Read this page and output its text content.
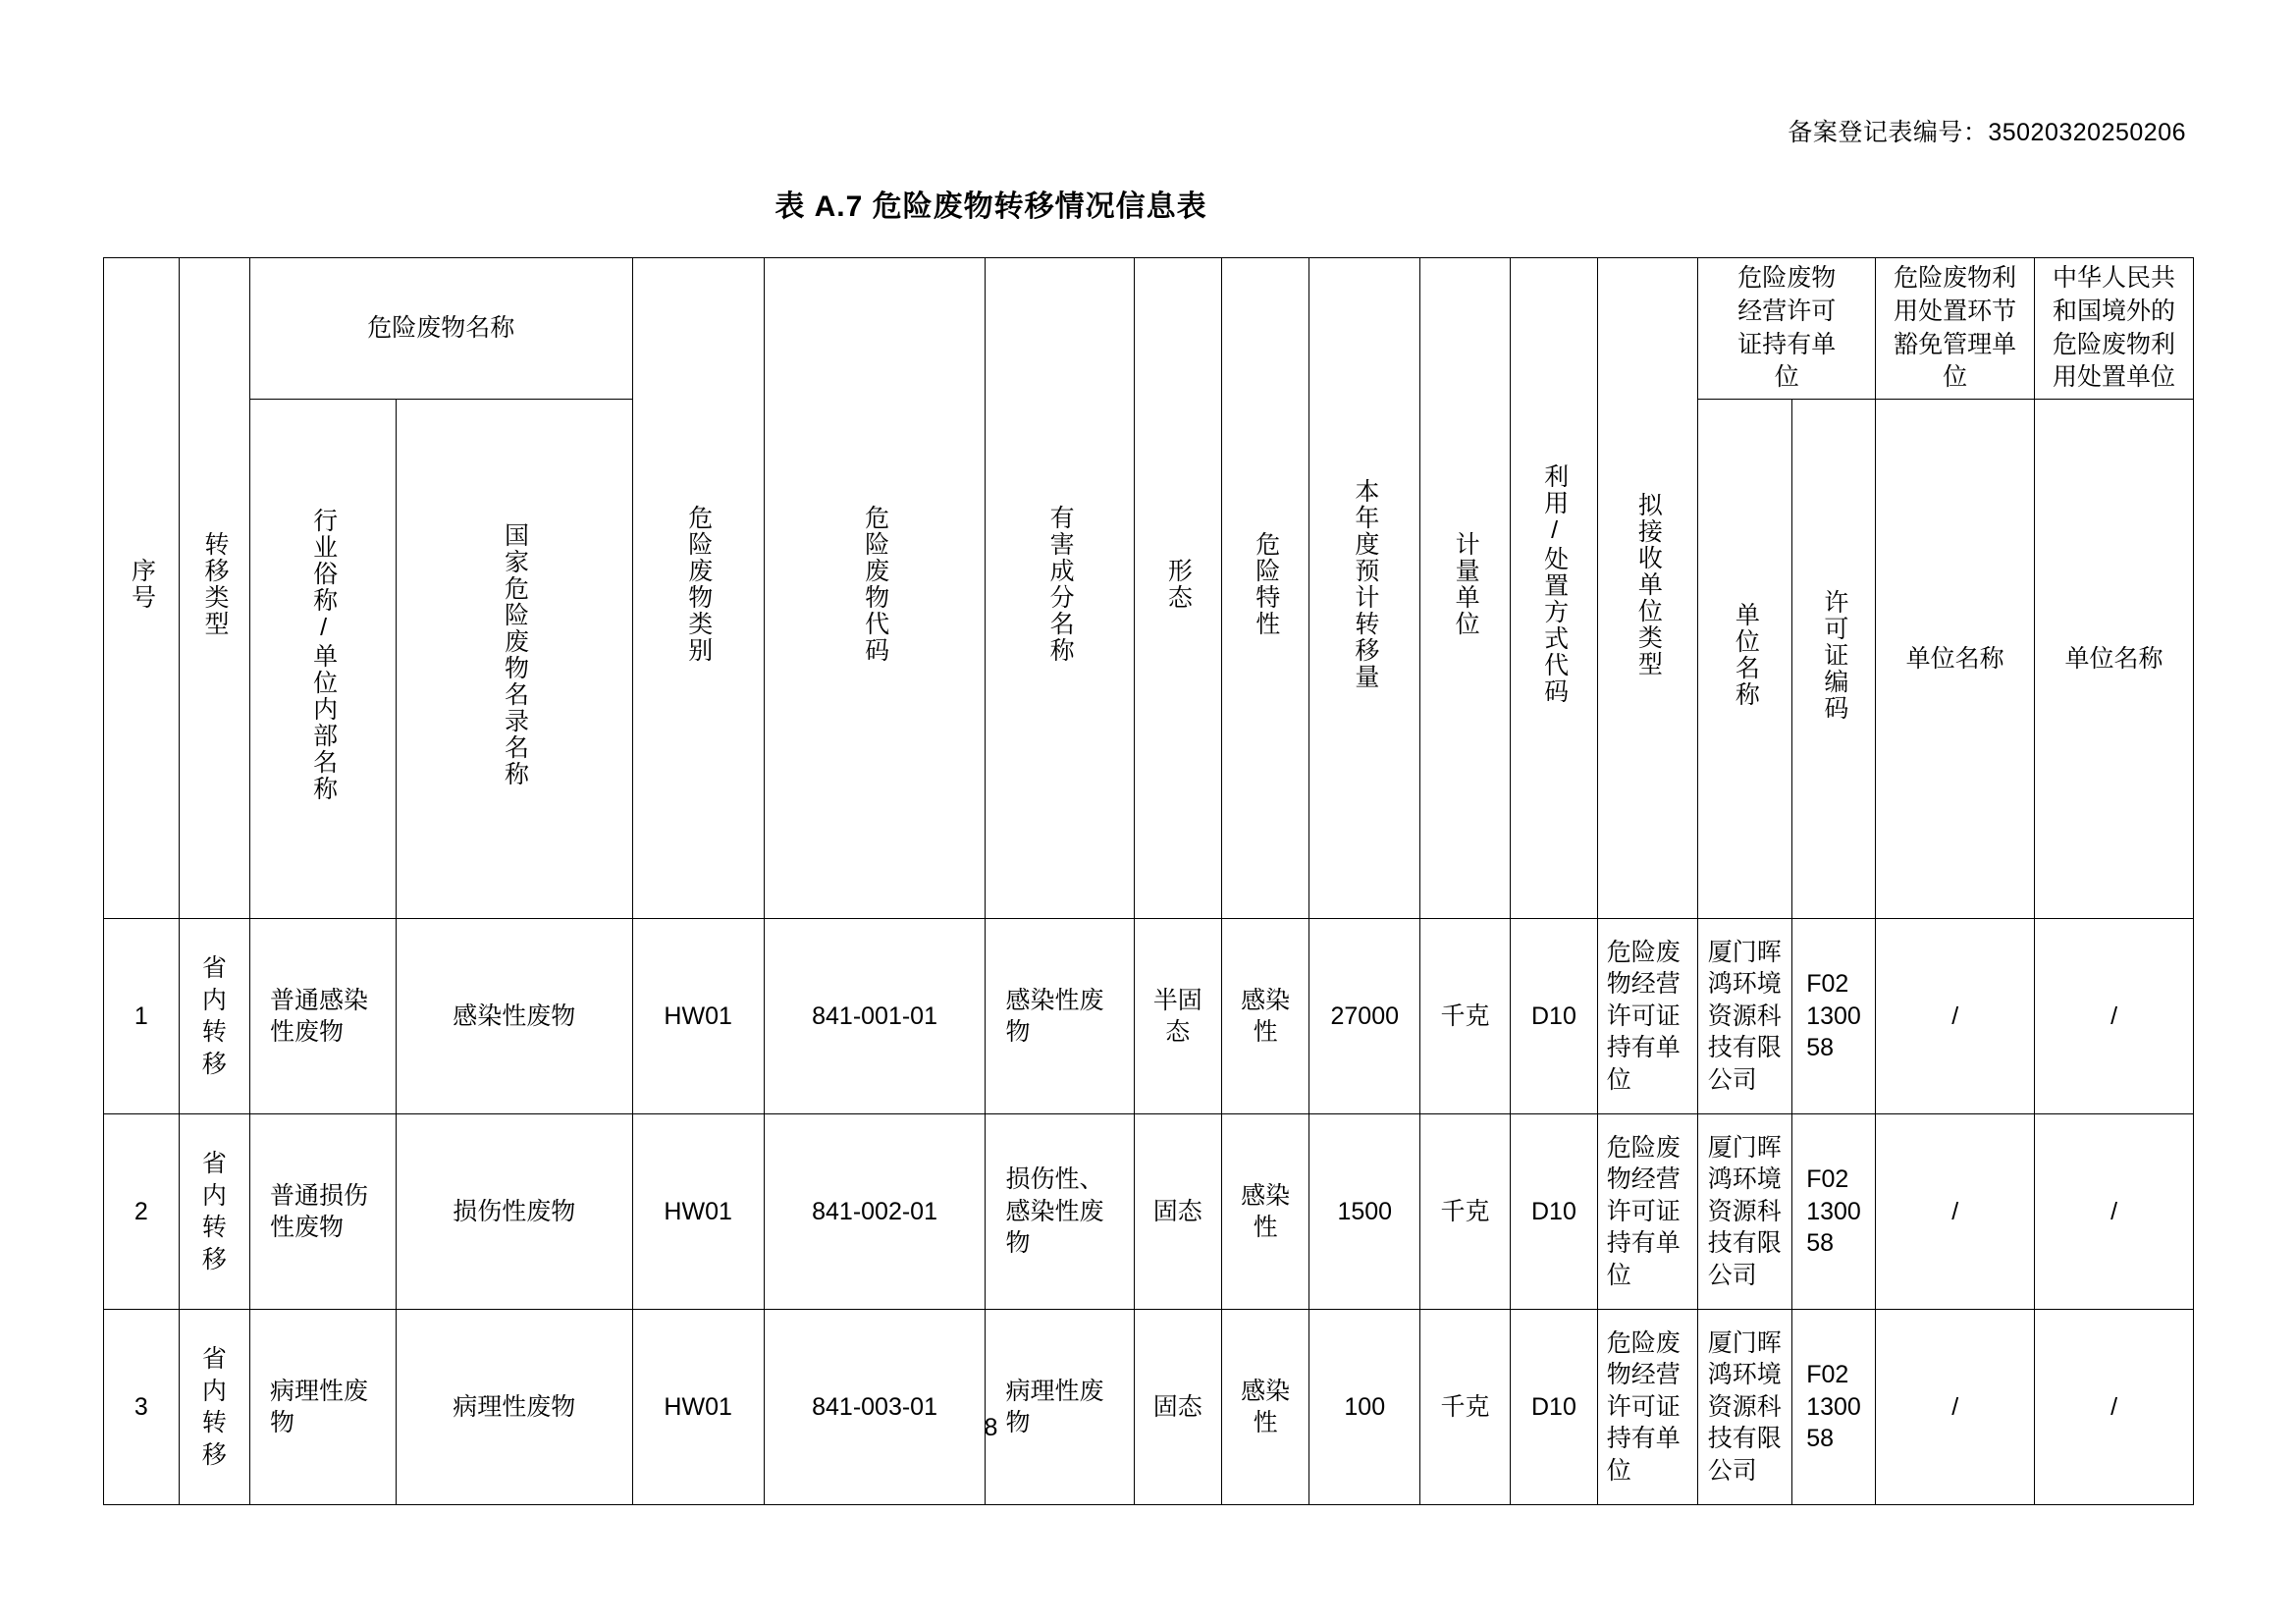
备案登记表编号：35020320250206
表 A.7 危险废物转移情况信息表
序号	转移类型	危险废物名称		危险废物类别	危险废物代码	有害成分名称	形态	危险特性	本年度预计转移量	计量单位	利用/处置方式代码	拟接收单位类型	危险废物经营许可证持有单位		危险废物利用处置环节豁免管理单位	中华人民共和国境外的危险废物利用处置单位
		行业俗称/单位内部名称	国家危险废物名录名称										单位名称	许可证编码		
															单位名称	单位名称
1	省内转移	普通感染性废物	感染性废物	HW01	841-001-01	感染性废物	半固态	感染性	27000	千克	D10	危险废物经营许可证持有单位	厦门晖鸿环境资源科技有限公司	F02130058	/	/
2	省内转移	普通损伤性废物	损伤性废物	HW01	841-002-01	损伤性、感染性废物	固态	感染性	1500	千克	D10	危险废物经营许可证持有单位	厦门晖鸿环境资源科技有限公司	F02130058	/	/
3	省内转移	病理性废物	病理性废物	HW01	841-003-01	病理性废物	固态	感染性	100	千克	D10	危险废物经营许可证持有单位	厦门晖鸿环境资源科技有限公司	F02130058	/	/
8
